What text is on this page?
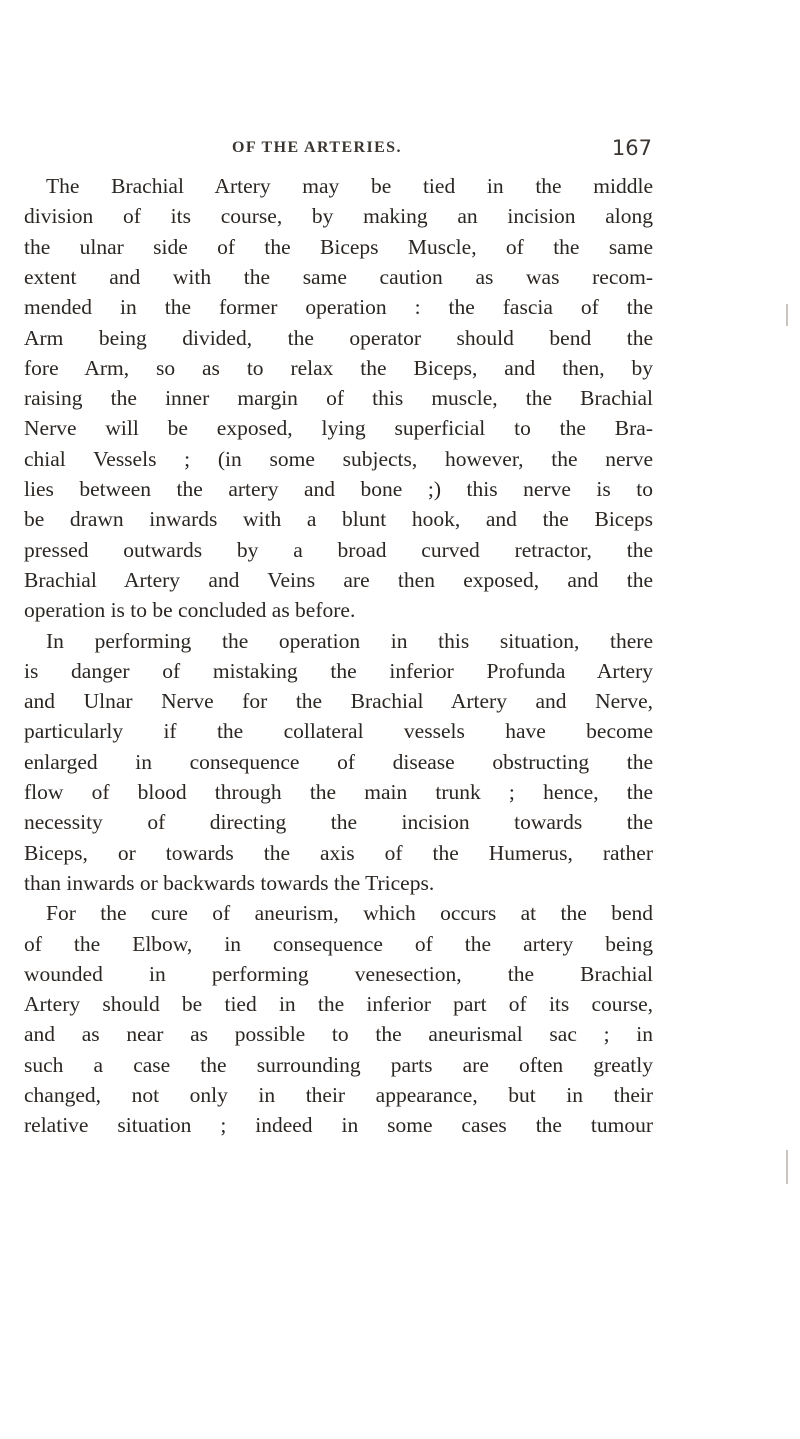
OF THE ARTERIES.	167
The Brachial Artery may be tied in the middle
division of its course, by making an incision along
the ulnar side of the Biceps Muscle, of the same
extent and with the same caution as was recom-
mended in the former operation : the fascia of the
Arm being divided, the operator should bend the
fore Arm, so as to relax the Biceps, and then, by
raising the inner margin of this muscle, the Brachial
Nerve will be exposed, lying superficial to the Bra-
chial Vessels ; (in some subjects, however, the nerve
lies between the artery and bone ;) this nerve is to
be drawn inwards with a blunt hook, and the Biceps
pressed outwards by a broad curved retractor, the
Brachial Artery and Veins are then exposed, and the
operation is to be concluded as before.
In performing the operation in this situation, there
is danger of mistaking the inferior Profunda Artery
and Ulnar Nerve for the Brachial Artery and Nerve,
particularly if the collateral vessels have become
enlarged in consequence of disease obstructing the
flow of blood through the main trunk ; hence, the
necessity of directing the incision towards the
Biceps, or towards the axis of the Humerus, rather
than inwards or backwards towards the Triceps.
For the cure of aneurism, which occurs at the bend
of the Elbow, in consequence of the artery being
wounded in performing venesection, the Brachial
Artery should be tied in the inferior part of its course,
and as near as possible to the aneurismal sac ; in
such a case the surrounding parts are often greatly
changed, not only in their appearance, but in their
relative situation ; indeed in some cases the tumour
